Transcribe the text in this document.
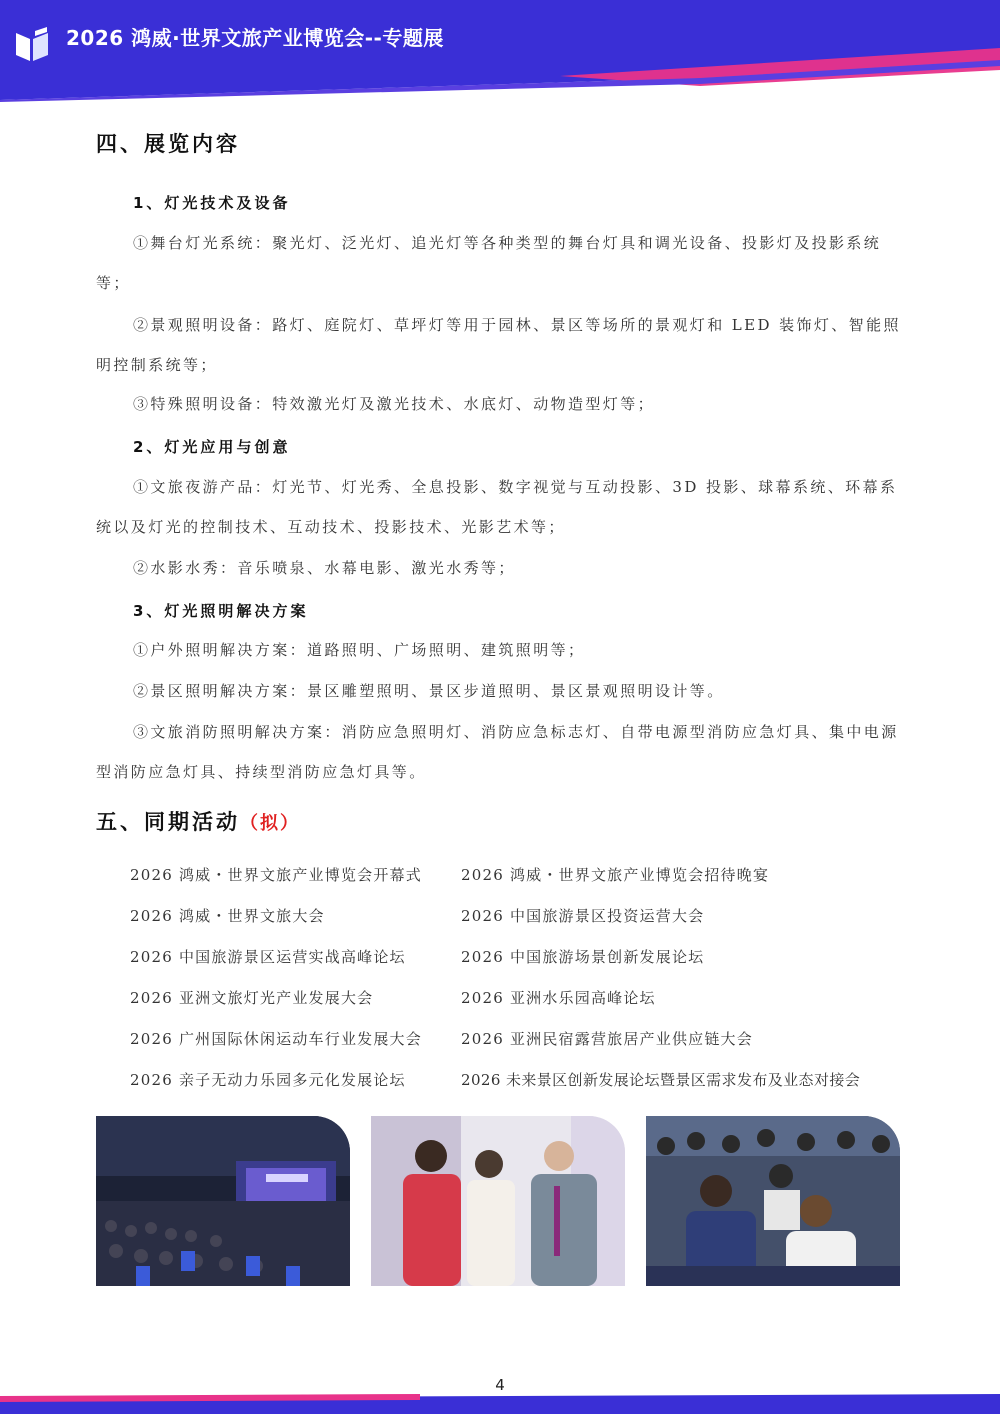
2026 鸿威·世界文旅产业博览会--专题展
四、展览内容
1、灯光技术及设备

①舞台灯光系统：聚光灯、泛光灯、追光灯等各种类型的舞台灯具和调光设备、投影灯及投影系统等；

②景观照明设备：路灯、庭院灯、草坪灯等用于园林、景区等场所的景观灯和 LED 装饰灯、智能照明控制系统等；

③特殊照明设备：特效激光灯及激光技术、水底灯、动物造型灯等；

2、灯光应用与创意

①文旅夜游产品：灯光节、灯光秀、全息投影、数字视觉与互动投影、3D 投影、球幕系统、环幕系统以及灯光的控制技术、互动技术、投影技术、光影艺术等；

②水影水秀：音乐喷泉、水幕电影、激光水秀等；

3、灯光照明解决方案

①户外照明解决方案：道路照明、广场照明、建筑照明等；

②景区照明解决方案：景区雕塑照明、景区步道照明、景区景观照明设计等。

③文旅消防照明解决方案：消防应急照明灯、消防应急标志灯、自带电源型消防应急灯具、集中电源型消防应急灯具、持续型消防应急灯具等。

五、同期活动（拟）
2026 鸿威・世界文旅产业博览会开幕式
2026 鸿威・世界文旅大会
2026 中国旅游景区运营实战高峰论坛
2026 亚洲文旅灯光产业发展大会
2026 广州国际休闲运动车行业发展大会
2026 亲子无动力乐园多元化发展论坛
2026 鸿威・世界文旅产业博览会招待晚宴
2026 中国旅游景区投资运营大会
2026 中国旅游场景创新发展论坛
2026 亚洲水乐园高峰论坛
2026 亚洲民宿露营旅居产业供应链大会
2026 未来景区创新发展论坛暨景区需求发布及业态对接会
4
